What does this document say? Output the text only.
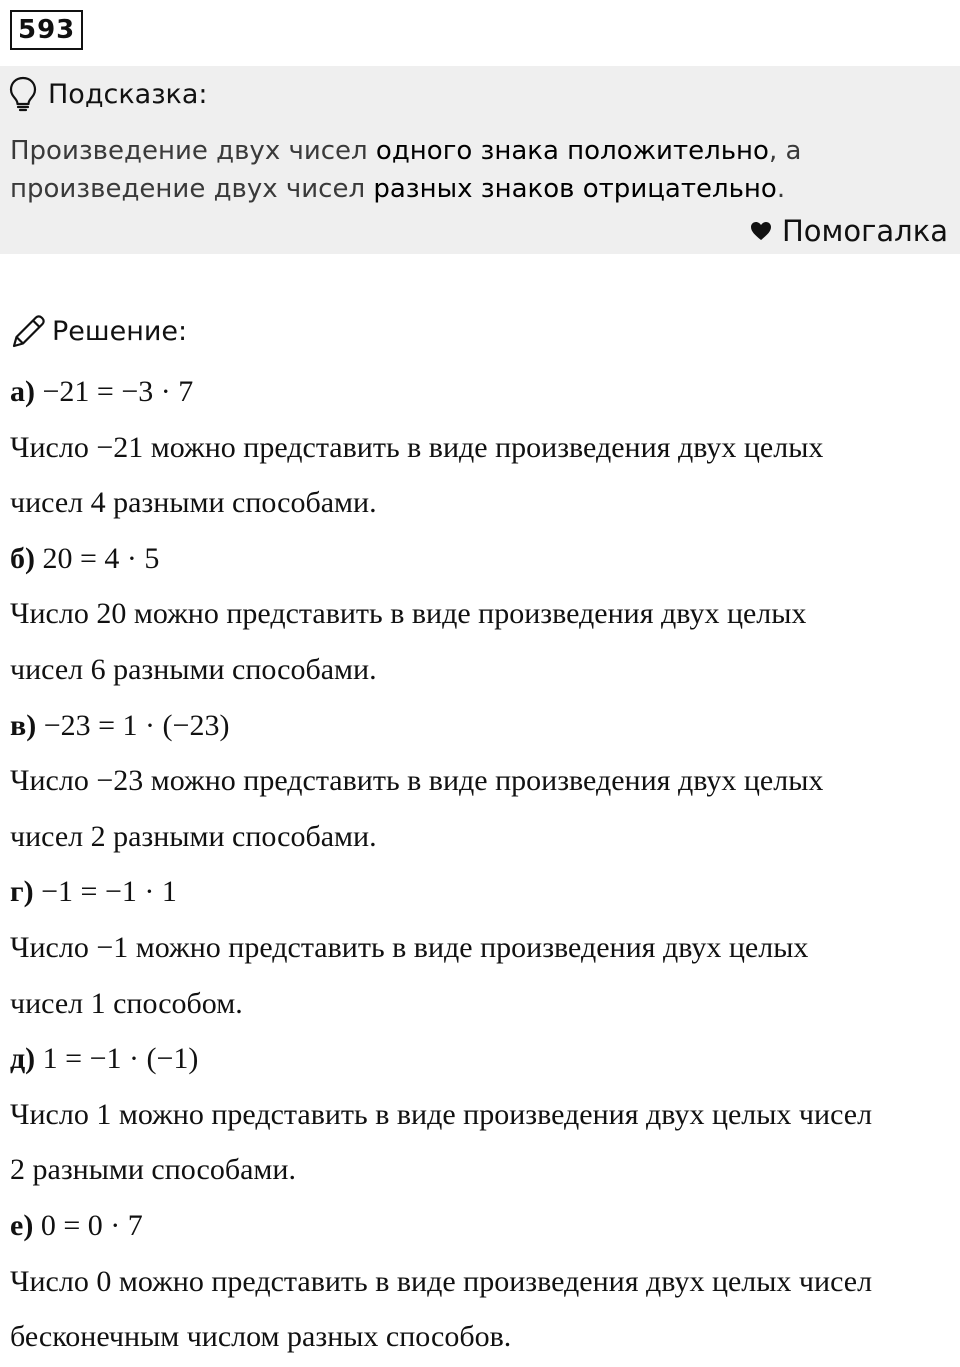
593
Подсказка:
Произведение двух чисел одного знака положительно, а
произведение двух чисел разных знаков отрицательно.
Помогалка
Решение:
а) −21 = −3 · 7
Число −21 можно представить в виде произведения двух целых
чисел 4 разными способами.
б) 20 = 4 · 5
Число 20 можно представить в виде произведения двух целых
чисел 6 разными способами.
в) −23 = 1 · (−23)
Число −23 можно представить в виде произведения двух целых
чисел 2 разными способами.
г) −1 = −1 · 1
Число −1 можно представить в виде произведения двух целых
чисел 1 способом.
д) 1 = −1 · (−1)
Число 1 можно представить в виде произведения двух целых чисел
2 разными способами.
е) 0 = 0 · 7
Число 0 можно представить в виде произведения двух целых чисел
бесконечным числом разных способов.
